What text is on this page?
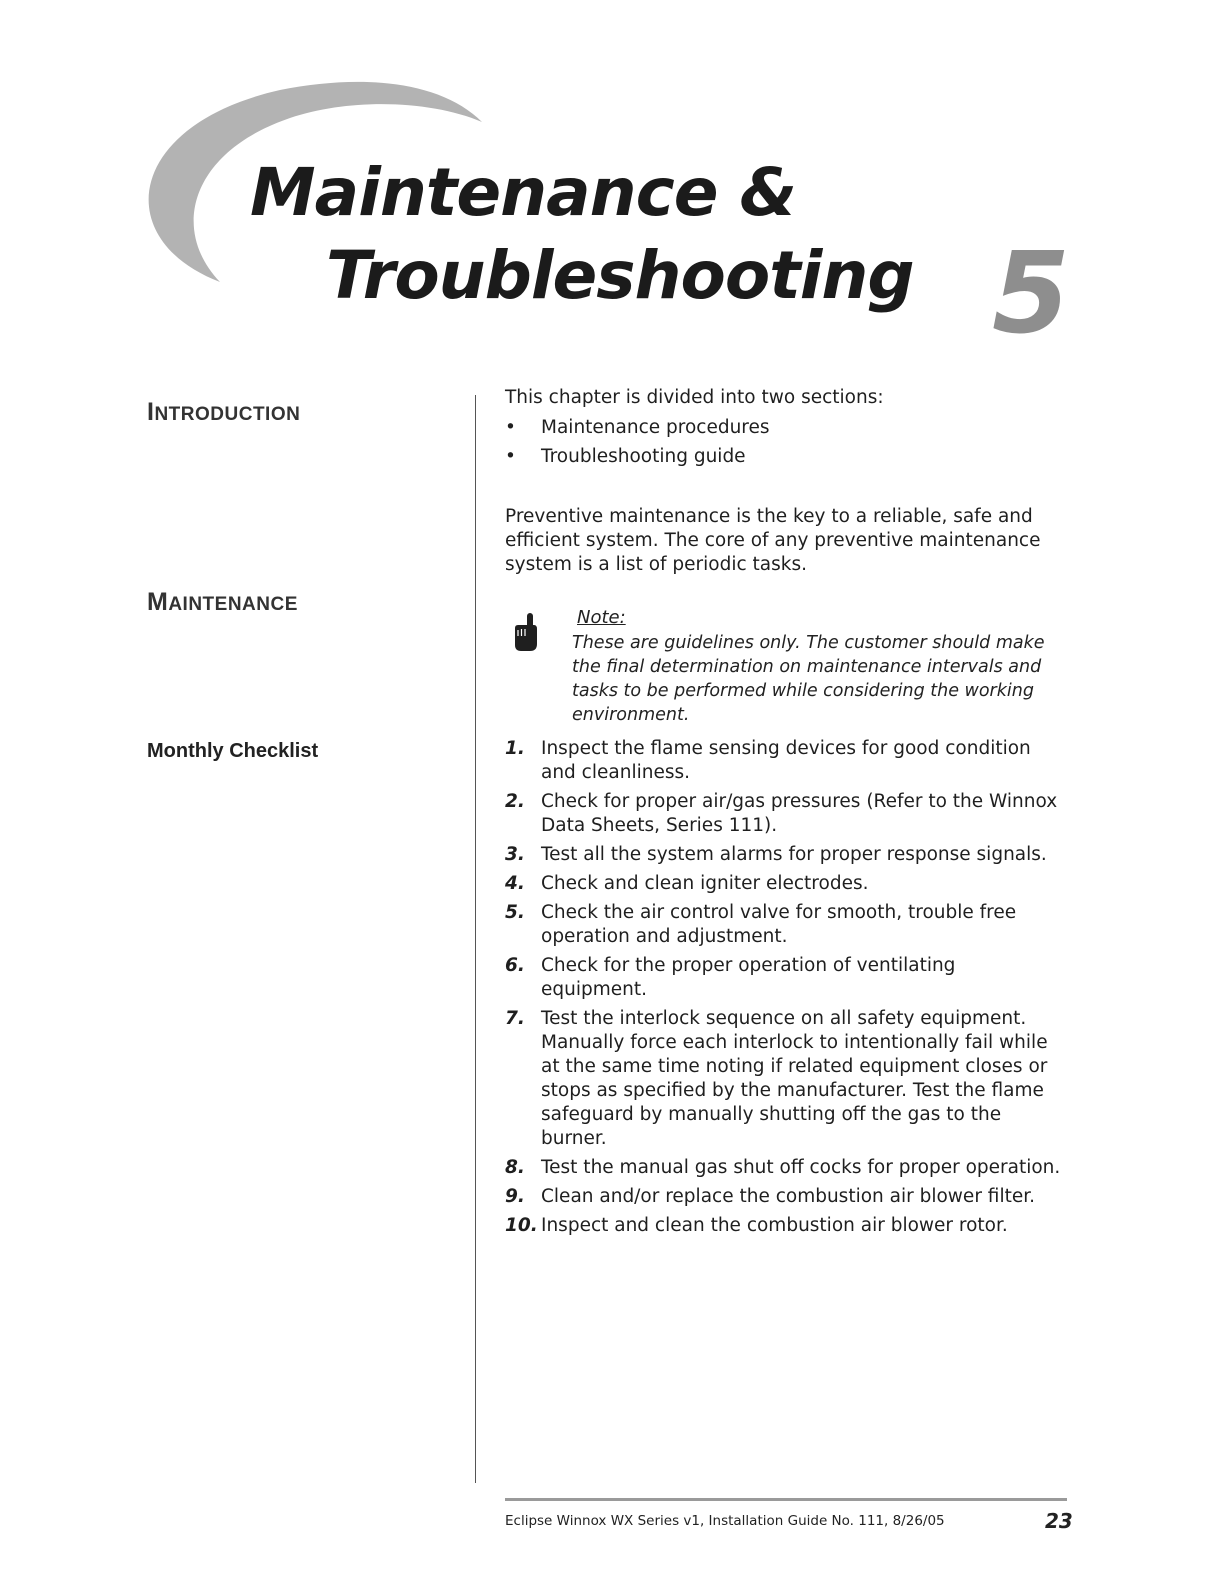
Maintenance &
Troubleshooting 5
INTRODUCTION
MAINTENANCE
Monthly Checklist

This chapter is divided into two sections:

• Maintenance procedures
• Troubleshooting guide

Preventive maintenance is the key to a reliable, safe and efficient system. The core of any preventive maintenance system is a list of periodic tasks.

Note:

These are guidelines only. The customer should make the final determination on maintenance intervals and tasks to be performed while considering the working environment.

1. Inspect the flame sensing devices for good condition and cleanliness.
2. Check for proper air/gas pressures (Refer to the Winnox Data Sheets, Series 111).
3. Test all the system alarms for proper response signals.
4. Check and clean igniter electrodes.
5. Check the air control valve for smooth, trouble free operation and adjustment.
6. Check for the proper operation of ventilating equipment.
7. Test the interlock sequence on all safety equipment. Manually force each interlock to intentionally fail while at the same time noting if related equipment closes or stops as specified by the manufacturer. Test the flame safeguard by manually shutting off the gas to the burner.
8. Test the manual gas shut off cocks for proper operation.
9. Clean and/or replace the combustion air blower filter.
10. Inspect and clean the combustion air blower rotor.
Eclipse Winnox WX Series v1, Installation Guide No. 111, 8/26/05	23
